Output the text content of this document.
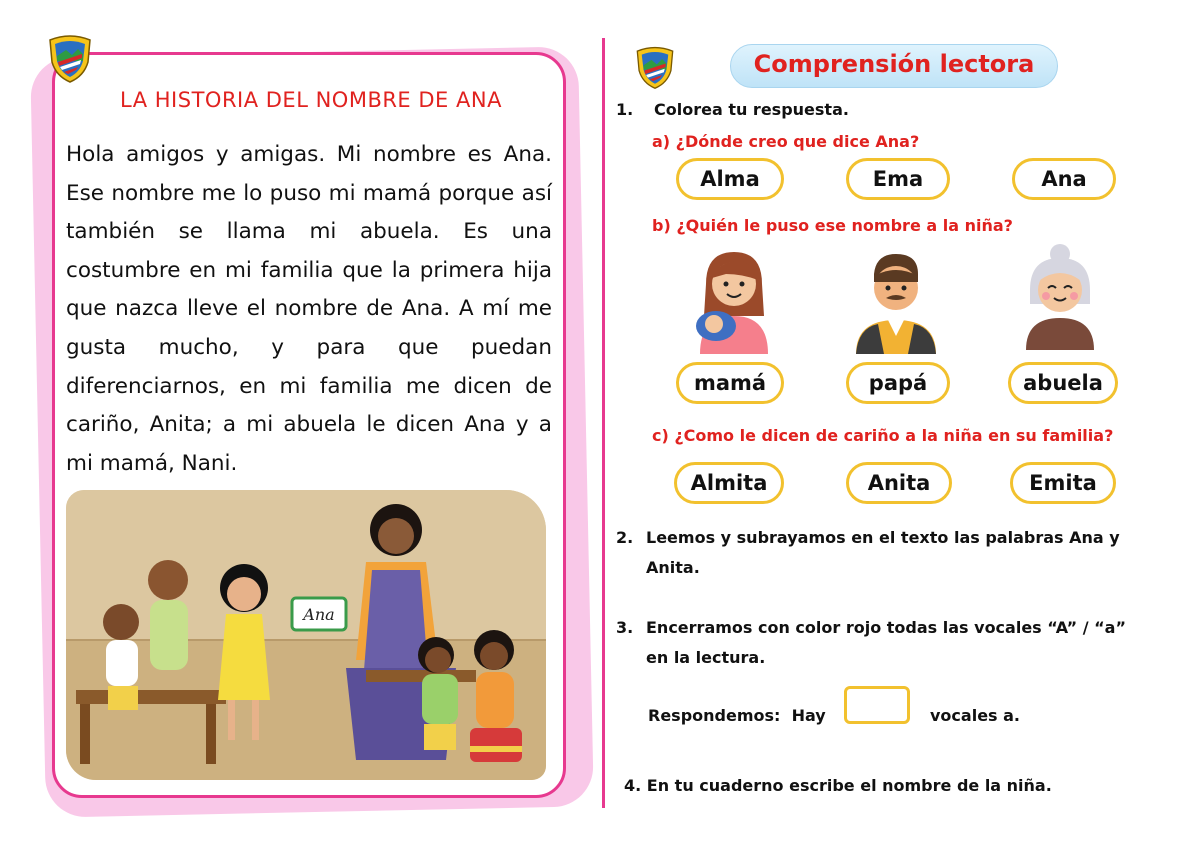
LA HISTORIA DEL NOMBRE DE ANA
Hola amigos y amigas. Mi nombre es Ana. Ese nombre me lo puso mi mamá porque así también se llama mi abuela. Es una costumbre en mi familia que la primera hija que nazca lleve el nombre de Ana. A mí me gusta mucho, y para que puedan diferenciarnos, en mi familia me dicen de cariño, Anita; a mi abuela le dicen Ana y a mi mamá, Nani.
Ana
Comprensión lectora
1. Colorea tu respuesta.
a) ¿Dónde creo que dice Ana?
Alma	Ema	Ana
b) ¿Quién le puso ese nombre a la niña?
mamá	papá	abuela
c) ¿Como le dicen de cariño a la niña en su familia?
Almita	Anita	Emita
2. Leemos y subrayamos en el texto las palabras Ana y
Anita.
3. Encerramos con color rojo todas las vocales “A” / “a”
en la lectura.
Respondemos:  Hay	vocales a.
4. En tu cuaderno escribe el nombre de la niña.
